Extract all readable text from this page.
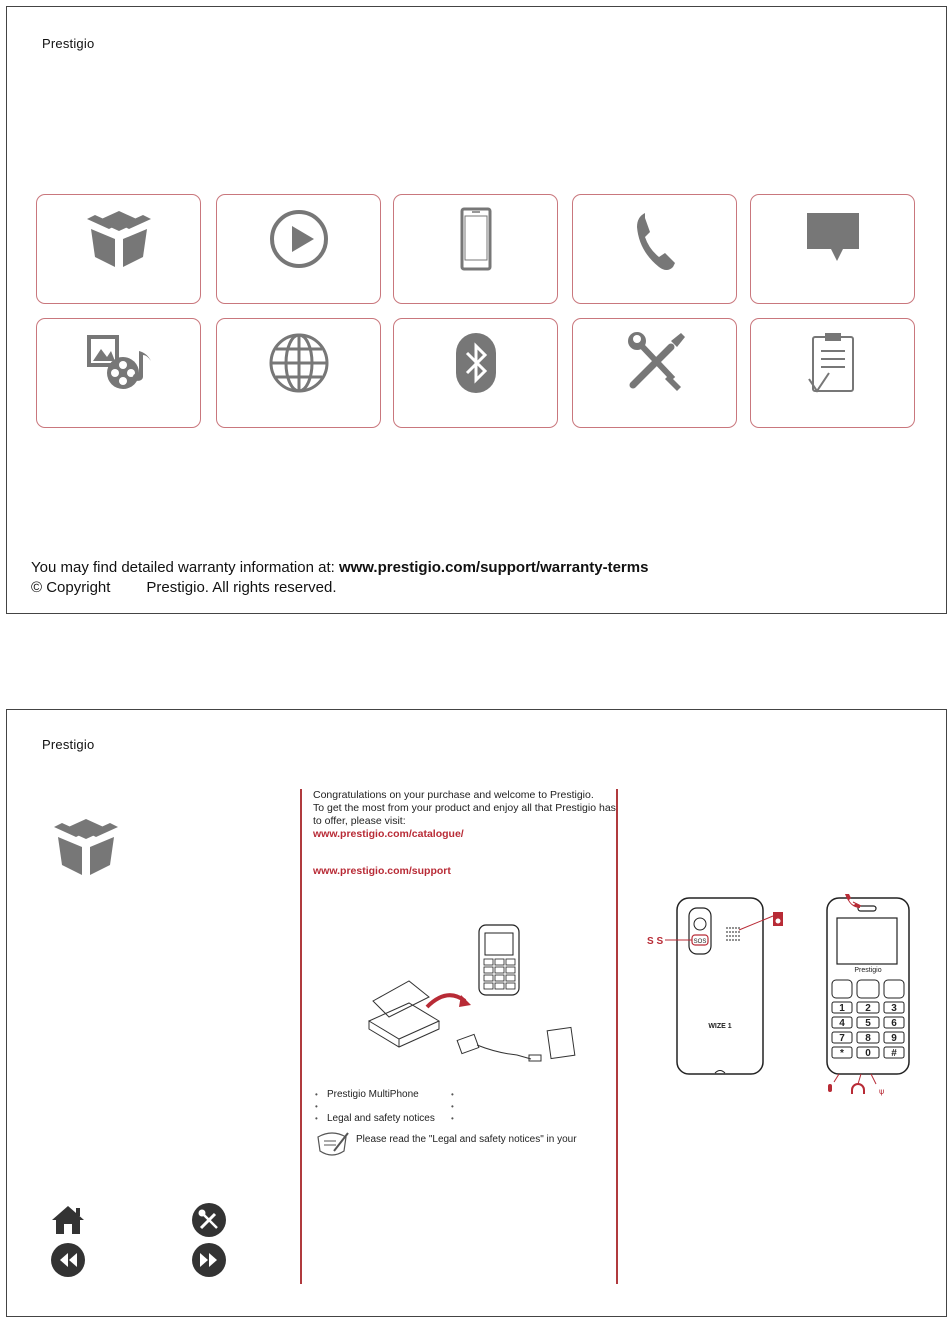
Prestigio
You may find detailed warranty information at: www.prestigio.com/support/warranty-terms
© Copyright Prestigio. All rights reserved.
Prestigio
Congratulations on your purchase and welcome to Prestigio.
To get the most from your product and enjoy all that Prestigio has
to offer, please visit:
www.prestigio.com/catalogue/
www.prestigio.com/support
• Prestigio MultiPhone	•
•	•
• Legal and safety notices •
Please read the "Legal and safety notices" in your
SOS
WIZE 1
Prestigio
1 2 3
4 5 6
7 8 9
* 0 #
ψ
S S
